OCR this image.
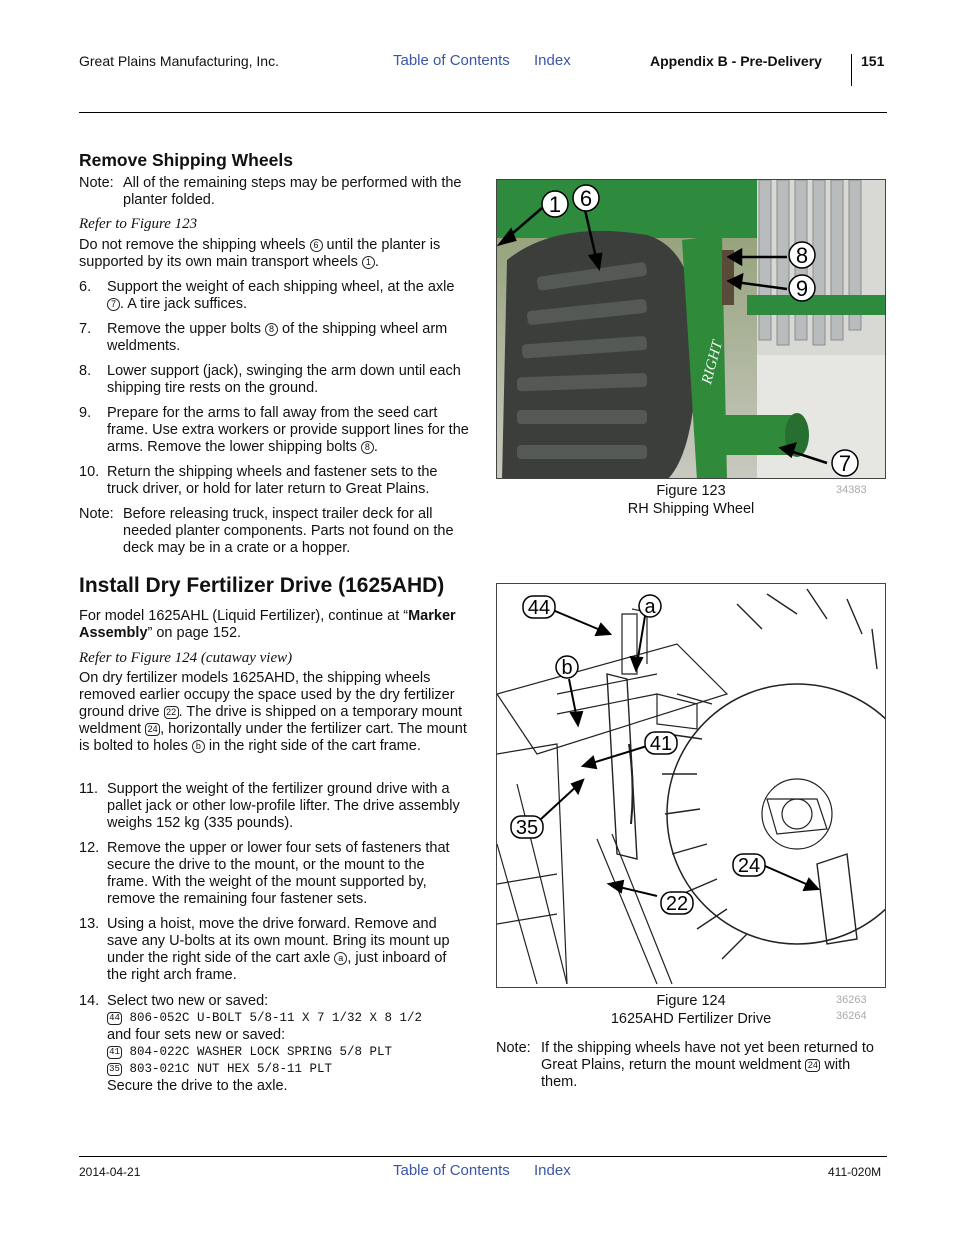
Great Plains Manufacturing, Inc.	Table of Contents Index	Appendix B - Pre-Delivery	151
Remove Shipping Wheels
Note: All of the remaining steps may be performed with the planter folded.
Refer to Figure 123
Do not remove the shipping wheels 6 until the planter is supported by its own main transport wheels 1 .
6. Support the weight of each shipping wheel, at the axle 7 . A tire jack suffices.
7. Remove the upper bolts 8 of the shipping wheel arm weldments.
8. Lower support (jack), swinging the arm down until each shipping tire rests on the ground.
9. Prepare for the arms to fall away from the seed cart frame. Use extra workers or provide support lines for the arms. Remove the lower shipping bolts 8 .
10. Return the shipping wheels and fastener sets to the truck driver, or hold for later return to Great Plains.
Note: Before releasing truck, inspect trailer deck for all needed planter components. Parts not found on the deck may be in a crate or a hopper.
RIGHT
1 6
8
9
7
Figure 123
RH Shipping Wheel
34383
Install Dry Fertilizer Drive (1625AHD)
For model 1625AHL (Liquid Fertilizer), continue at “Marker Assembly” on page 152.
Refer to Figure 124 (cutaway view)
On dry fertilizer models 1625AHD, the shipping wheels removed earlier occupy the space used by the dry fertilizer ground drive 22 . The drive is shipped on a temporary mount weldment 24 , horizontally under the fertilizer cart. The mount is bolted to holes b in the right side of the cart frame.
11. Support the weight of the fertilizer ground drive with a pallet jack or other low-profile lifter. The drive assembly weighs 152 kg (335 pounds).
12. Remove the upper or lower four sets of fasteners that secure the drive to the mount, or the mount to the frame. With the weight of the mount supported by, remove the remaining four fastener sets.
13. Using a hoist, move the drive forward. Remove and save any U-bolts at its own mount. Bring its mount up under the right side of the cart axle a , just inboard of the right arch frame.
14. Select two new or saved:
44 806-052C U-BOLT 5/8-11 X 7 1/32 X 8 1/2
and four sets new or saved:
41 804-022C WASHER LOCK SPRING 5/8 PLT
35 803-021C NUT HEX 5/8-11 PLT
Secure the drive to the axle.
44	a
b
41
35
24
22
Figure 124
1625AHD Fertilizer Drive
36263
36264
Note: If the shipping wheels have not yet been returned to Great Plains, return the mount weldment 24 with them.
2014-04-21	Table of Contents Index	411-020M
